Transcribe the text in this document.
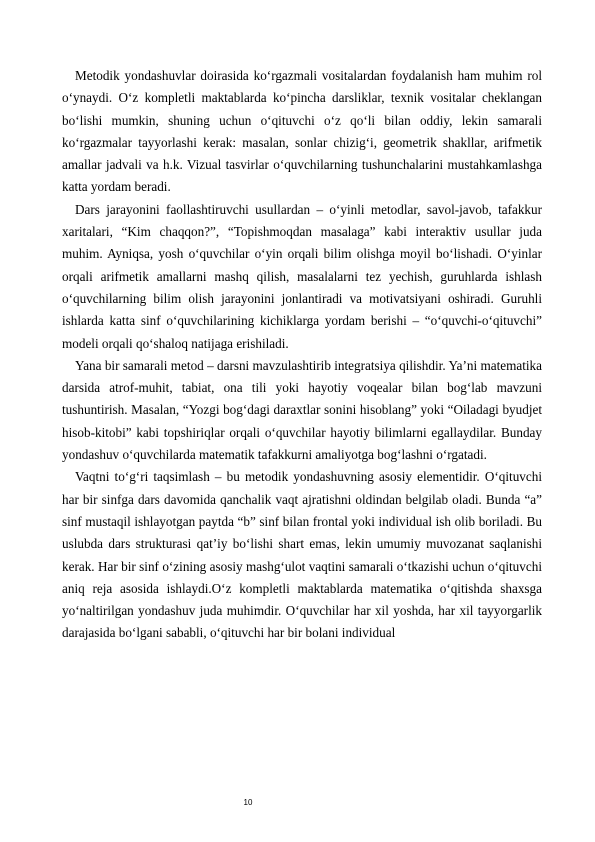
Metodik yondashuvlar doirasida ko‘rgazmali vositalardan foydalanish ham muhim rol o‘ynaydi. O‘z kompletli maktablarda ko‘pincha darsliklar, texnik vositalar cheklangan bo‘lishi mumkin, shuning uchun o‘qituvchi o‘z qo‘li bilan oddiy, lekin samarali ko‘rgazmalar tayyorlashi kerak: masalan, sonlar chizig‘i, geometrik shakllar, arifmetik amallar jadvali va h.k. Vizual tasvirlar o‘quvchilarning tushunchalarini mustahkamlashga katta yordam beradi.

Dars jarayonini faollashtiruvchi usullardan – o‘yinli metodlar, savol-javob, tafakkur xaritalari, “Kim chaqqon?”, “Topishmoqdan masalaga” kabi interaktiv usullar juda muhim. Ayniqsa, yosh o‘quvchilar o‘yin orqali bilim olishga moyil bo‘lishadi. O‘yinlar orqali arifmetik amallarni mashq qilish, masalalarni tez yechish, guruhlarda ishlash o‘quvchilarning bilim olish jarayonini jonlantiradi va motivatsiyani oshiradi. Guruhli ishlarda katta sinf o‘quvchilarining kichiklarga yordam berishi – “o‘quvchi-o‘qituvchi” modeli orqali qo‘shaloq natijaga erishiladi.

Yana bir samarali metod – darsni mavzulashtirib integratsiya qilishdir. Ya’ni matematika darsida atrof-muhit, tabiat, ona tili yoki hayotiy voqealar bilan bog‘lab mavzuni tushuntirish. Masalan, “Yozgi bog‘dagi daraxtlar sonini hisoblang” yoki “Oiladagi byudjet hisob-kitobi” kabi topshiriqlar orqali o‘quvchilar hayotiy bilimlarni egallaydilar. Bunday yondashuv o‘quvchilarda matematik tafakkurni amaliyotga bog‘lashni o‘rgatadi.

Vaqtni to‘g‘ri taqsimlash – bu metodik yondashuvning asosiy elementidir. O‘qituvchi har bir sinfga dars davomida qanchalik vaqt ajratishni oldindan belgilab oladi. Bunda “a” sinf mustaqil ishlayotgan paytda “b” sinf bilan frontal yoki individual ish olib boriladi. Bu uslubda dars strukturasi qat’iy bo‘lishi shart emas, lekin umumiy muvozanat saqlanishi kerak. Har bir sinf o‘zining asosiy mashg‘ulot vaqtini samarali o‘tkazishi uchun o‘qituvchi aniq reja asosida ishlaydi.O‘z kompletli maktablarda matematika o‘qitishda shaxsga yo‘naltirilgan yondashuv juda muhimdir. O‘quvchilar har xil yoshda, har xil tayyorgarlik darajasida bo‘lgani sababli, o‘qituvchi har bir bolani individual

10
